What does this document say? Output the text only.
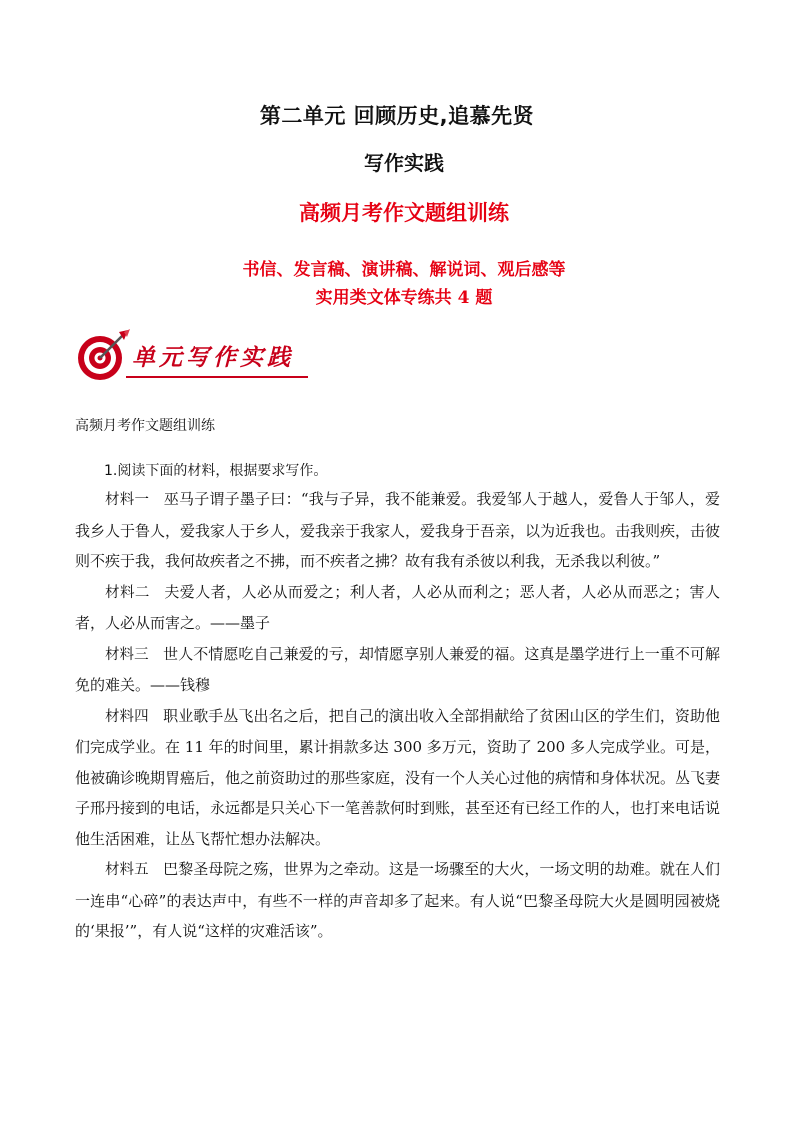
第二单元 回顾历史,追慕先贤
写作实践
高频月考作文题组训练
书信、发言稿、演讲稿、解说词、观后感等
实用类文体专练共 4 题
单元写作实践
高频月考作文题组训练
1.阅读下面的材料，根据要求写作。

材料一 巫马子谓子墨子曰：“我与子异，我不能兼爱。我爱邹人于越人，爱鲁人于邹人，爱我乡人于鲁人，爱我家人于乡人，爱我亲于我家人，爱我身于吾亲，以为近我也。击我则疾，击彼则不疾于我，我何故疾者之不拂，而不疾者之拂？故有我有杀彼以利我，无杀我以利彼。”

材料二 夫爱人者，人必从而爱之；利人者，人必从而利之；恶人者，人必从而恶之；害人者，人必从而害之。——墨子

材料三 世人不情愿吃自己兼爱的亏，却情愿享别人兼爱的福。这真是墨学进行上一重不可解免的难关。——钱穆

材料四 职业歌手丛飞出名之后，把自己的演出收入全部捐献给了贫困山区的学生们，资助他们完成学业。在 11 年的时间里，累计捐款多达 300 多万元，资助了 200 多人完成学业。可是，他被确诊晚期胃癌后，他之前资助过的那些家庭，没有一个人关心过他的病情和身体状况。丛飞妻子邢丹接到的电话，永远都是只关心下一笔善款何时到账，甚至还有已经工作的人，也打来电话说他生活困难，让丛飞帮忙想办法解决。

材料五 巴黎圣母院之殇，世界为之牵动。这是一场骤至的大火，一场文明的劫难。就在人们一连串“心碎”的表达声中，有些不一样的声音却多了起来。有人说“巴黎圣母院大火是圆明园被烧的‘果报’”，有人说“这样的灾难活该”。
